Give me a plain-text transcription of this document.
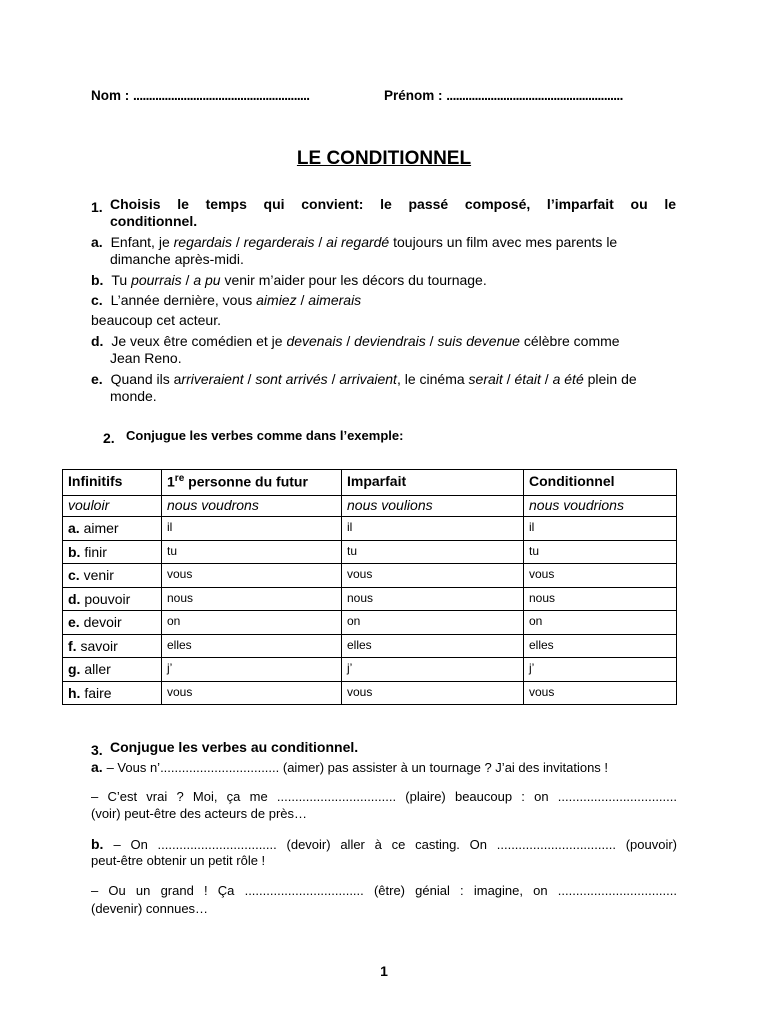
Nom : ........................................................	Prénom : ........................................................
LE CONDITIONNEL
1. Choisis le temps qui convient: le passé composé, l’imparfait ou le
conditionnel.
a. Enfant, je regardais / regarderais / ai regardé toujours un film avec mes parents le
dimanche après-midi.
b. Tu pourrais / a pu venir m’aider pour les décors du tournage.
c. L’année dernière, vous aimiez / aimerais
beaucoup cet acteur.
d. Je veux être comédien et je devenais / deviendrais / suis devenue célèbre comme
Jean Reno.
e. Quand ils arriveraient / sont arrivés / arrivaient, le cinéma serait / était / a été plein de
monde.
2. Conjugue les verbes comme dans l’exemple:
Infinitifs	1re personne du futur	Imparfait	Conditionnel
vouloir	nous voudrons	nous voulions	nous voudrions
a. aimer	il	il	il
b. finir	tu	tu	tu
c. venir	vous	vous	vous
d. pouvoir	nous	nous	nous
e. devoir	on	on	on
f. savoir	elles	elles	elles
g. aller	j’	j’	j’
h. faire	vous	vous	vous
3. Conjugue les verbes au conditionnel.
a. – Vous n’................................. (aimer) pas assister à un tournage ? J’ai des invitations !
– C’est vrai ? Moi, ça me ................................. (plaire) beaucoup : on .................................
(voir) peut-être des acteurs de près…
b. – On ................................. (devoir) aller à ce casting. On ................................. (pouvoir)
peut-être obtenir un petit rôle !
– Ou un grand ! Ça ................................. (être) génial : imagine, on .................................
(devenir) connues…
1
